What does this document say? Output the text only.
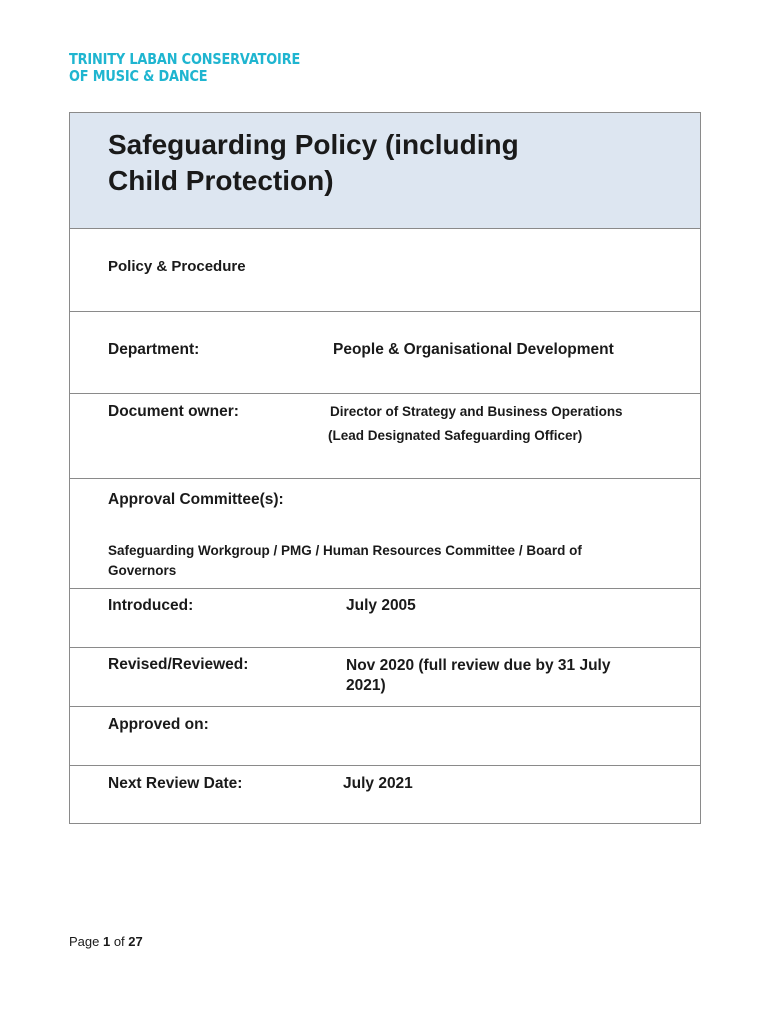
TRINITY LABAN CONSERVATOIRE
OF MUSIC & DANCE
Safeguarding Policy (including
Child Protection)
Policy & Procedure
Department:	People & Organisational Development
Document owner:	Director of Strategy and Business Operations
(Lead Designated Safeguarding Officer)
Approval Committee(s):
Safeguarding Workgroup / PMG / Human Resources Committee / Board of
Governors
Introduced:	July 2005
Revised/Reviewed:	Nov 2020 (full review due by 31 July
2021)
Approved on:
Next Review Date:	July 2021
Page 1 of 27
